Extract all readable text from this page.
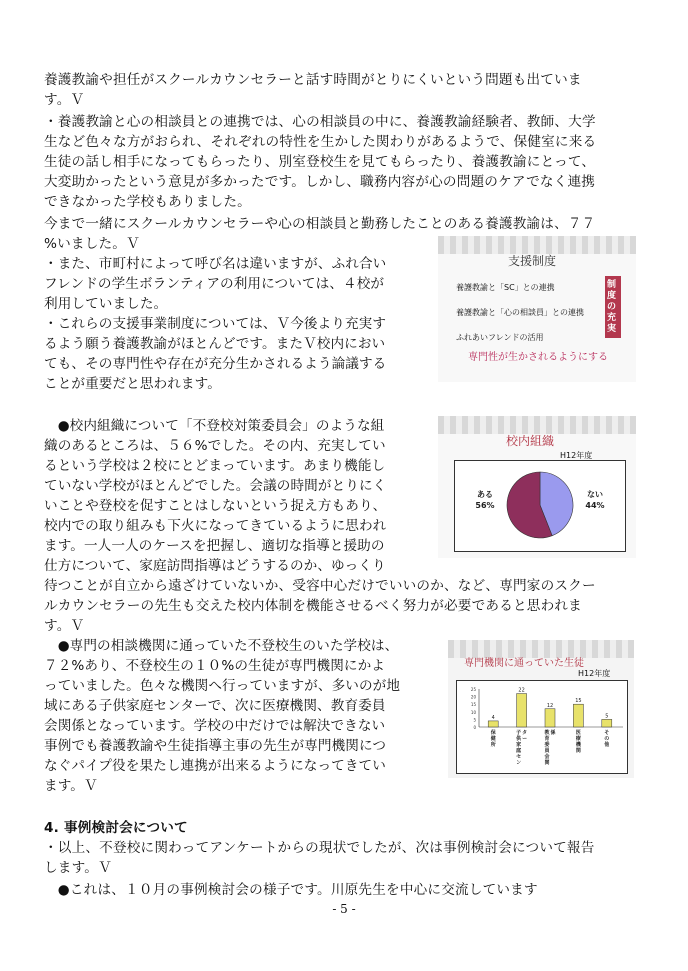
養護教諭や担任がスクールカウンセラーと話す時間がとりにくいという問題も出ていま
す。Ｖ
・養護教諭と心の相談員との連携では、心の相談員の中に、養護教諭経験者、教師、大学
生など色々な方がおられ、それぞれの特性を生かした関わりがあるようで、保健室に来る
生徒の話し相手になってもらったり、別室登校生を見てもらったり、養護教諭にとって、
大変助かったという意見が多かったです。しかし、職務内容が心の問題のケアでなく連携
できなかった学校もありました。
今まで一緒にスクールカウンセラーや心の相談員と勤務したことのある養護教諭は、７７
%いました。Ｖ
・また、市町村によって呼び名は違いますが、ふれ合い
フレンドの学生ボランティアの利用については、４校が
利用していました。
・これらの支援事業制度については、Ｖ今後より充実す
るよう願う養護教諭がほとんどです。またＶ校内におい
ても、その専門性や存在が充分生かされるよう論議する
ことが重要だと思われます。
　●校内組織について「不登校対策委員会」のような組
織のあるところは、５６%でした。その内、充実してい
るという学校は２校にとどまっています。あまり機能し
ていない学校がほとんどでした。会議の時間がとりにく
いことや登校を促すことはしないという捉え方もあり、
校内での取り組みも下火になってきているように思われ
ます。一人一人のケースを把握し、適切な指導と援助の
仕方について、家庭訪問指導はどうするのか、ゆっくり
待つことが自立から遠ざけていないか、受容中心だけでいいのか、など、専門家のスクー
ルカウンセラーの先生も交えた校内体制を機能させるべく努力が必要であると思われま
す。Ｖ
　●専門の相談機関に通っていた不登校生のいた学校は、
７２%あり、不登校生の１０%の生徒が専門機関にかよ
っていました。色々な機関へ行っていますが、多いのが地
域にある子供家庭センターで、次に医療機関、教育委員
会関係となっています。学校の中だけでは解決できない
事例でも養護教諭や生徒指導主事の先生が専門機関につ
なぐパイプ役を果たし連携が出来るようになってきてい
ます。Ｖ
4. 事例検討会について
・以上、不登校に関わってアンケートからの現状でしたが、次は事例検討会について報告
します。Ｖ
　●これは、１０月の事例検討会の様子です。川原先生を中心に交流しています
支援制度
養護教諭と「SC」との連携
養護教諭と「心の相談員」との連携
ふれあいフレンドの活用
専門性が生かされるようにする
制度の充実
校内組織
H12年度
ない
44%
ある
56%
専門機関に通っていた生徒
H12年度
0
5
10
15
20
25
4
保健所
22
子供家庭センター
12
教育委員会関係
15
医療機関
5
その他
- 5 -
